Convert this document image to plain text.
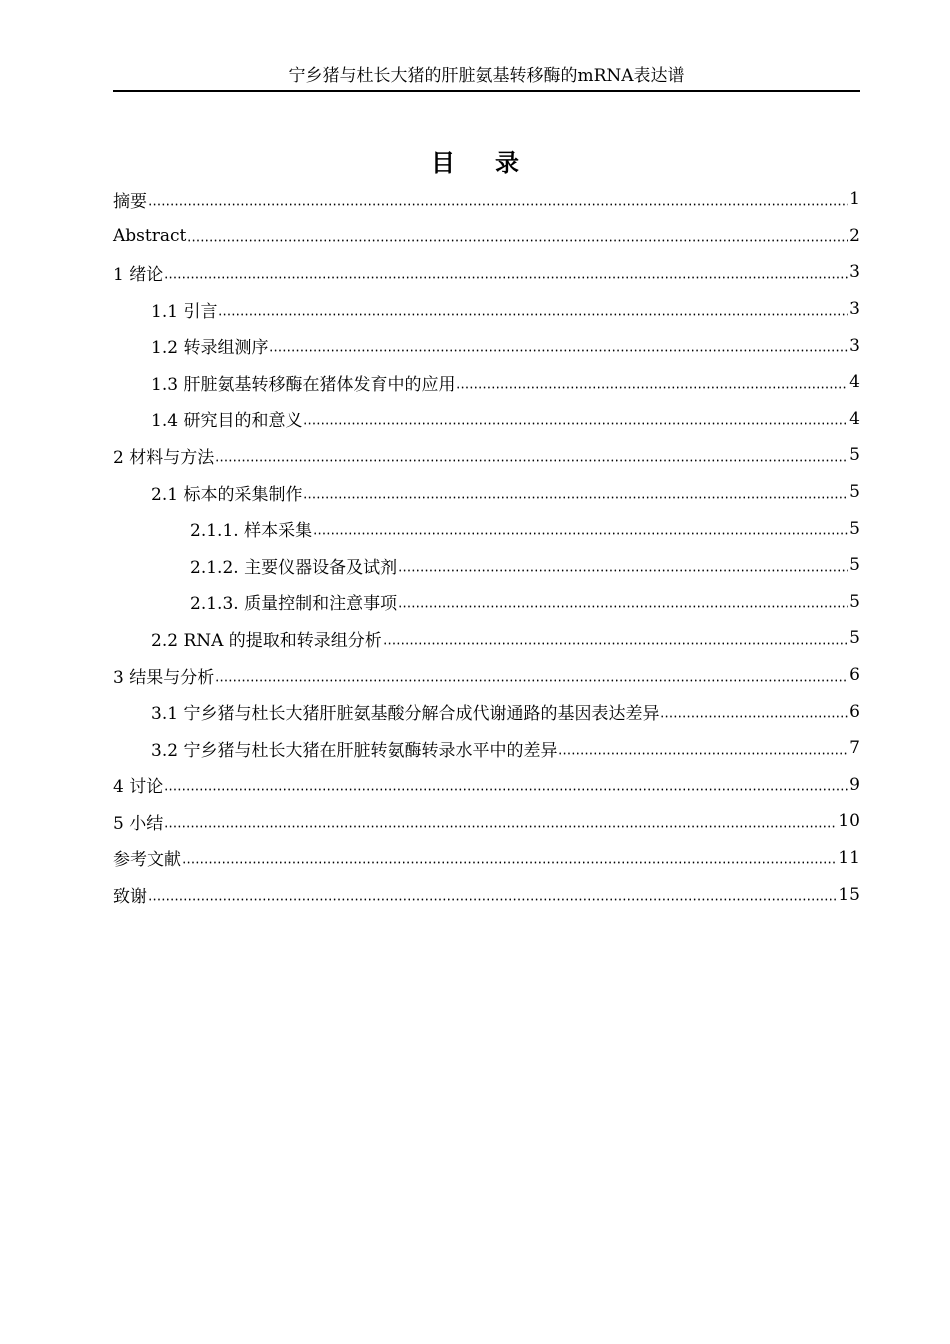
宁乡猪与杜长大猪的肝脏氨基转移酶的mRNA表达谱
目录
摘要	1
Abstract	2
1 绪论	3
1.1 引言	3
1.2 转录组测序	3
1.3 肝脏氨基转移酶在猪体发育中的应用	4
1.4 研究目的和意义	4
2 材料与方法	5
2.1 标本的采集制作	5
2.1.1. 样本采集	5
2.1.2. 主要仪器设备及试剂	5
2.1.3. 质量控制和注意事项	5
2.2 RNA 的提取和转录组分析	5
3 结果与分析	6
3.1 宁乡猪与杜长大猪肝脏氨基酸分解合成代谢通路的基因表达差异	6
3.2 宁乡猪与杜长大猪在肝脏转氨酶转录水平中的差异	7
4 讨论	9
5 小结	10
参考文献	11
致谢	15
